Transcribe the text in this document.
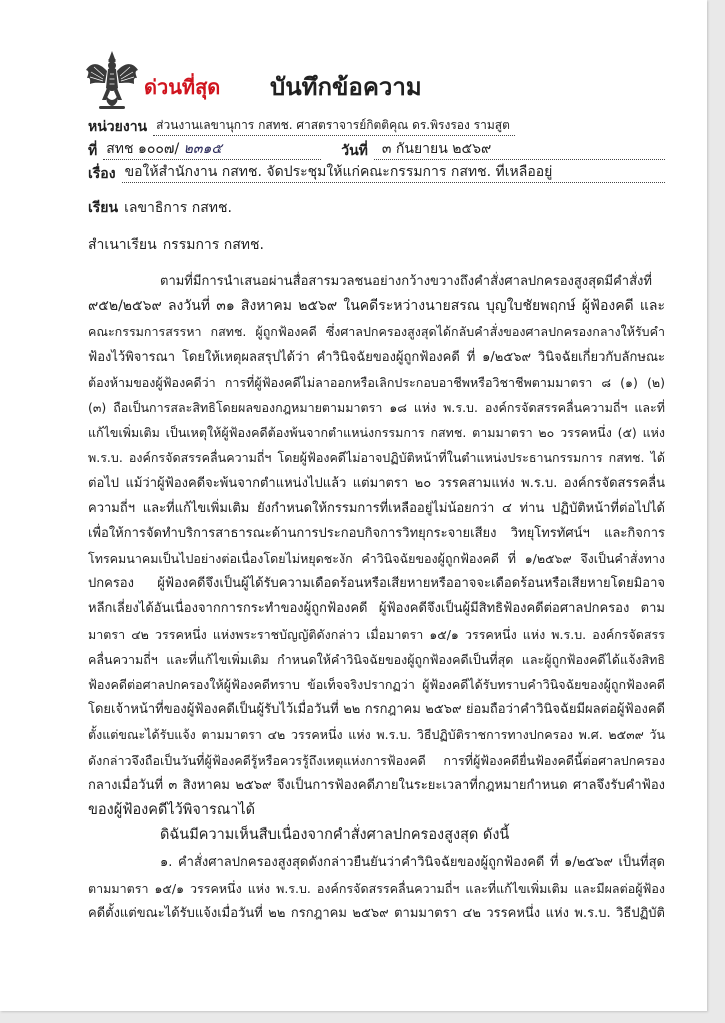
ด่วนที่สุด บันทึกข้อความ
หน่วยงาน ส่วนงานเลขานุการ กสทช. ศาสตราจารย์กิตติคุณ ดร.พิรงรอง รามสูต
ที่ สทช ๑๐๐๗/ ๒๓๑๕	วันที่	๓ กันยายน ๒๕๖๙
เรื่อง ขอให้สำนักงาน กสทช. จัดประชุมให้แก่คณะกรรมการ กสทช. ที่เหลืออยู่
เรียน เลขาธิการ กสทช.
สำเนาเรียน กรรมการ กสทช.
ตามที่มีการนำเสนอผ่านสื่อสารมวลชนอย่างกว้างขวางถึงคำสั่งศาลปกครองสูงสุดมีคำสั่งที่
๙๕๒/๒๕๖๙ ลงวันที่ ๓๑ สิงหาคม ๒๕๖๙ ในคดีระหว่างนายสรณ บุญใบชัยพฤกษ์ ผู้ฟ้องคดี และ
คณะกรรมการสรรหา กสทช. ผู้ถูกฟ้องคดี ซึ่งศาลปกครองสูงสุดได้กลับคำสั่งของศาลปกครองกลางให้รับคำ
ฟ้องไว้พิจารณา โดยให้เหตุผลสรุปได้ว่า คำวินิจฉัยของผู้ถูกฟ้องคดี ที่ ๑/๒๕๖๙ วินิจฉัยเกี่ยวกับลักษณะ
ต้องห้ามของผู้ฟ้องคดีว่า การที่ผู้ฟ้องคดีไม่ลาออกหรือเลิกประกอบอาชีพหรือวิชาชีพตามมาตรา ๘ (๑) (๒)
(๓) ถือเป็นการสละสิทธิโดยผลของกฎหมายตามมาตรา ๑๘ แห่ง พ.ร.บ. องค์กรจัดสรรคลื่นความถี่ฯ และที่
แก้ไขเพิ่มเติม เป็นเหตุให้ผู้ฟ้องคดีต้องพ้นจากตำแหน่งกรรมการ กสทช. ตามมาตรา ๒๐ วรรคหนึ่ง (๕) แห่ง
พ.ร.บ. องค์กรจัดสรรคลื่นความถี่ฯ โดยผู้ฟ้องคดีไม่อาจปฏิบัติหน้าที่ในตำแหน่งประธานกรรมการ กสทช. ได้
ต่อไป แม้ว่าผู้ฟ้องคดีจะพ้นจากตำแหน่งไปแล้ว แต่มาตรา ๒๐ วรรคสามแห่ง พ.ร.บ. องค์กรจัดสรรคลื่น
ความถี่ฯ และที่แก้ไขเพิ่มเติม ยังกำหนดให้กรรมการที่เหลืออยู่ไม่น้อยกว่า ๔ ท่าน ปฏิบัติหน้าที่ต่อไปได้
เพื่อให้การจัดทำบริการสาธารณะด้านการประกอบกิจการวิทยุกระจายเสียง วิทยุโทรทัศน์ฯ และกิจการ
โทรคมนาคมเป็นไปอย่างต่อเนื่องโดยไม่หยุดชะงัก คำวินิจฉัยของผู้ถูกฟ้องคดี ที่ ๑/๒๕๖๙ จึงเป็นคำสั่งทาง
ปกครอง ผู้ฟ้องคดีจึงเป็นผู้ได้รับความเดือดร้อนหรือเสียหายหรืออาจจะเดือดร้อนหรือเสียหายโดยมิอาจ
หลีกเลี่ยงได้อันเนื่องจากการกระทำของผู้ถูกฟ้องคดี ผู้ฟ้องคดีจึงเป็นผู้มีสิทธิฟ้องคดีต่อศาลปกครอง ตาม
มาตรา ๔๒ วรรคหนึ่ง แห่งพระราชบัญญัติดังกล่าว เมื่อมาตรา ๑๕/๑ วรรคหนึ่ง แห่ง พ.ร.บ. องค์กรจัดสรร
คลื่นความถี่ฯ และที่แก้ไขเพิ่มเติม กำหนดให้คำวินิจฉัยของผู้ถูกฟ้องคดีเป็นที่สุด และผู้ถูกฟ้องคดีได้แจ้งสิทธิ
ฟ้องคดีต่อศาลปกครองให้ผู้ฟ้องคดีทราบ ข้อเท็จจริงปรากฏว่า ผู้ฟ้องคดีได้รับทราบคำวินิจฉัยของผู้ถูกฟ้องคดี
โดยเจ้าหน้าที่ของผู้ฟ้องคดีเป็นผู้รับไว้เมื่อวันที่ ๒๒ กรกฎาคม ๒๕๖๙ ย่อมถือว่าคำวินิจฉัยมีผลต่อผู้ฟ้องคดี
ตั้งแต่ขณะได้รับแจ้ง ตามมาตรา ๔๒ วรรคหนึ่ง แห่ง พ.ร.บ. วิธีปฏิบัติราชการทางปกครอง พ.ศ. ๒๕๓๙ วัน
ดังกล่าวจึงถือเป็นวันที่ผู้ฟ้องคดีรู้หรือควรรู้ถึงเหตุแห่งการฟ้องคดี การที่ผู้ฟ้องคดียื่นฟ้องคดีนี้ต่อศาลปกครอง
กลางเมื่อวันที่ ๓ สิงหาคม ๒๕๖๙ จึงเป็นการฟ้องคดีภายในระยะเวลาที่กฎหมายกำหนด ศาลจึงรับคำฟ้อง
ของผู้ฟ้องคดีไว้พิจารณาได้
ดิฉันมีความเห็นสืบเนื่องจากคำสั่งศาลปกครองสูงสุด ดังนี้
๑. คำสั่งศาลปกครองสูงสุดดังกล่าวยืนยันว่าคำวินิจฉัยของผู้ถูกฟ้องคดี ที่ ๑/๒๕๖๙ เป็นที่สุด
ตามมาตรา ๑๕/๑ วรรคหนึ่ง แห่ง พ.ร.บ. องค์กรจัดสรรคลื่นความถี่ฯ และที่แก้ไขเพิ่มเติม และมีผลต่อผู้ฟ้อง
คดีตั้งแต่ขณะได้รับแจ้งเมื่อวันที่ ๒๒ กรกฎาคม ๒๕๖๙ ตามมาตรา ๔๒ วรรคหนึ่ง แห่ง พ.ร.บ. วิธีปฏิบัติ
